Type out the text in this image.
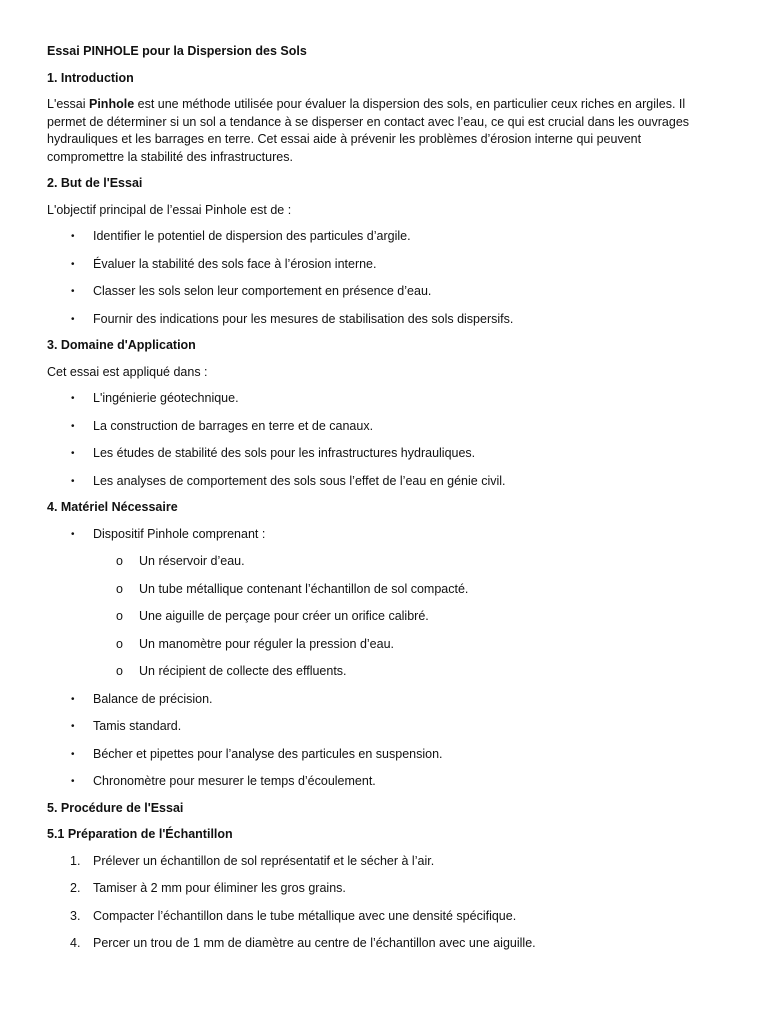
Essai PINHOLE pour la Dispersion des Sols

1. Introduction

L'essai Pinhole est une méthode utilisée pour évaluer la dispersion des sols, en particulier ceux riches en argiles. Il permet de déterminer si un sol a tendance à se disperser en contact avec l’eau, ce qui est crucial dans les ouvrages hydrauliques et les barrages en terre. Cet essai aide à prévenir les problèmes d’érosion interne qui peuvent compromettre la stabilité des infrastructures.

2. But de l'Essai

L'objectif principal de l’essai Pinhole est de :

• Identifier le potentiel de dispersion des particules d’argile.
• Évaluer la stabilité des sols face à l’érosion interne.
• Classer les sols selon leur comportement en présence d’eau.
• Fournir des indications pour les mesures de stabilisation des sols dispersifs.

3. Domaine d'Application

Cet essai est appliqué dans :

• L'ingénierie géotechnique.
• La construction de barrages en terre et de canaux.
• Les études de stabilité des sols pour les infrastructures hydrauliques.
• Les analyses de comportement des sols sous l’effet de l’eau en génie civil.

4. Matériel Nécessaire

• Dispositif Pinhole comprenant :
o Un réservoir d’eau.
o Un tube métallique contenant l’échantillon de sol compacté.
o Une aiguille de perçage pour créer un orifice calibré.
o Un manomètre pour réguler la pression d’eau.
o Un récipient de collecte des effluents.
• Balance de précision.
• Tamis standard.
• Bécher et pipettes pour l’analyse des particules en suspension.
• Chronomètre pour mesurer le temps d’écoulement.

5. Procédure de l'Essai

5.1 Préparation de l'Échantillon

1. Prélever un échantillon de sol représentatif et le sécher à l’air.
2. Tamiser à 2 mm pour éliminer les gros grains.
3. Compacter l’échantillon dans le tube métallique avec une densité spécifique.
4. Percer un trou de 1 mm de diamètre au centre de l’échantillon avec une aiguille.
